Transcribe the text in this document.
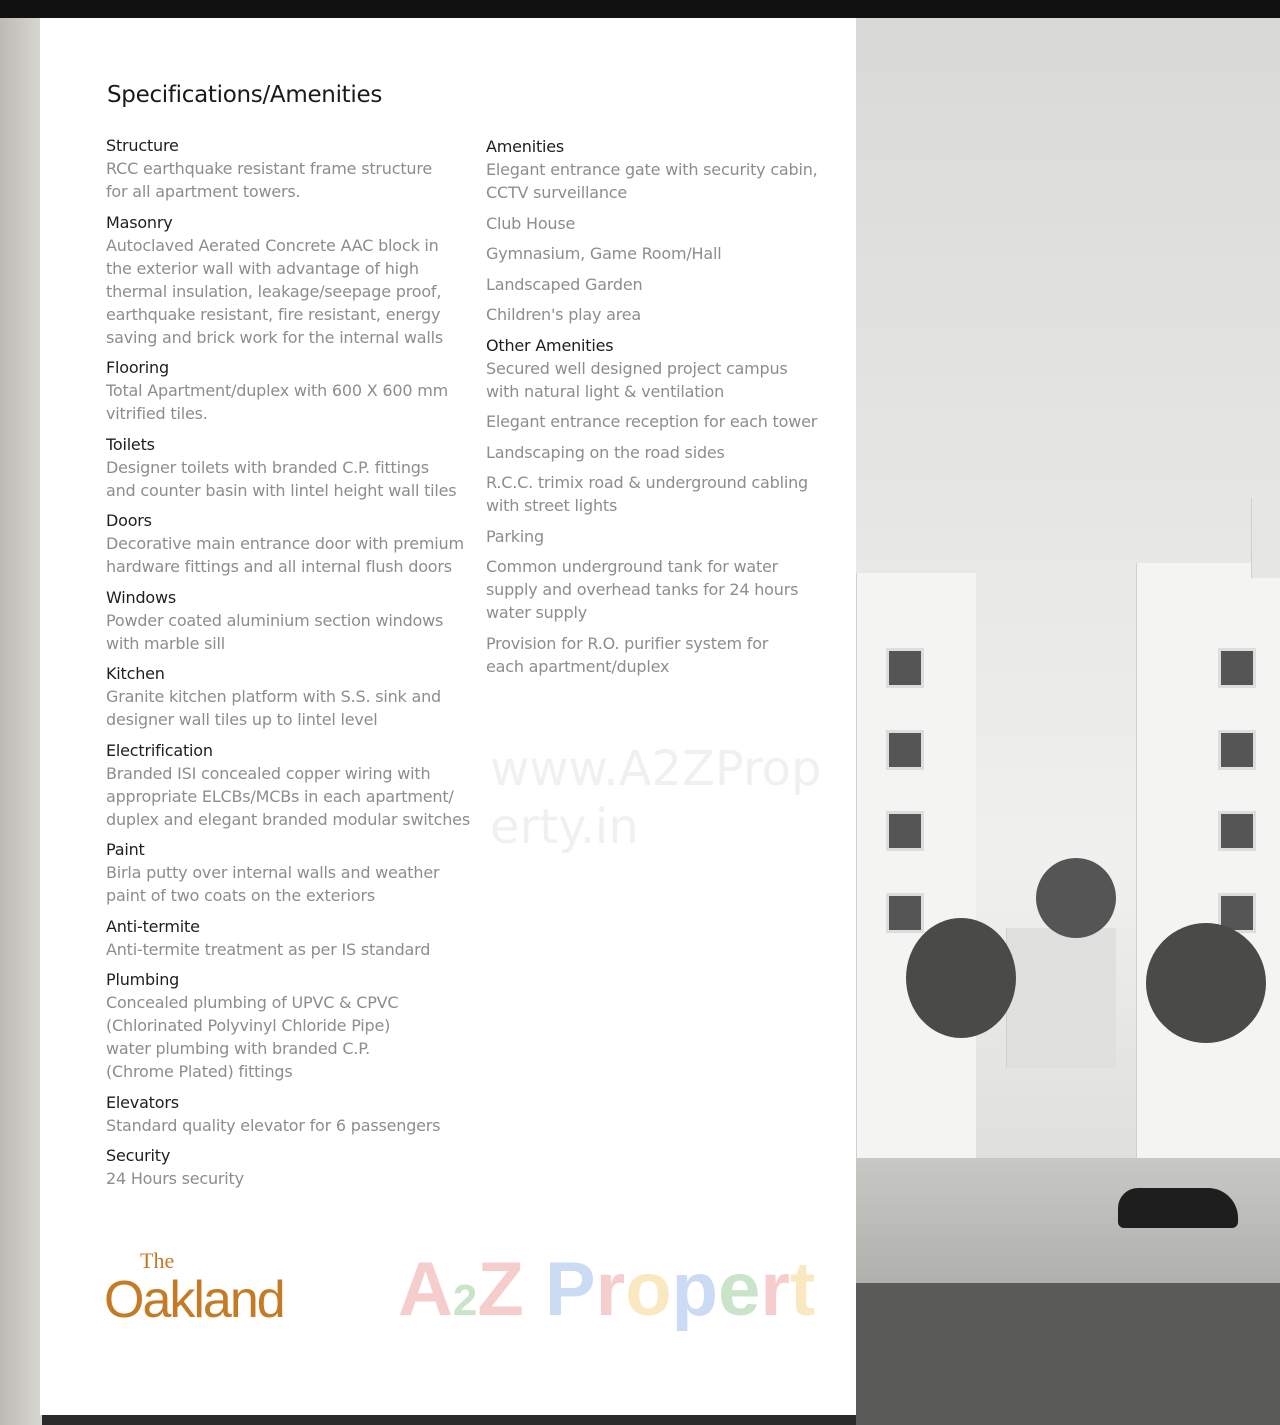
www.A2ZProperty.in
Specifications/Amenities
Structure
RCC earthquake resistant frame structure
for all apartment towers.
Masonry
Autoclaved Aerated Concrete AAC block in
the exterior wall with advantage of high
thermal insulation, leakage/seepage proof,
earthquake resistant, fire resistant, energy
saving and brick work for the internal walls
Flooring
Total Apartment/duplex with 600 X 600 mm
vitrified tiles.
Toilets
Designer toilets with branded C.P. fittings
and counter basin with lintel height wall tiles
Doors
Decorative main entrance door with premium
hardware fittings and all internal flush doors
Windows
Powder coated aluminium section windows
with marble sill
Kitchen
Granite kitchen platform with S.S. sink and
designer wall tiles up to lintel level
Electrification
Branded ISI concealed copper wiring with
appropriate ELCBs/MCBs in each apartment/
duplex and elegant branded modular switches
Paint
Birla putty over internal walls and weather
paint of two coats on the exteriors
Anti-termite
Anti-termite treatment as per IS standard
Plumbing
Concealed plumbing of UPVC & CPVC
(Chlorinated Polyvinyl Chloride Pipe)
water plumbing with branded C.P.
(Chrome Plated) fittings
Elevators
Standard quality elevator for 6 passengers
Security
24 Hours security
Amenities
Elegant entrance gate with security cabin,
CCTV surveillance
Club House
Gymnasium, Game Room/Hall
Landscaped Garden
Children's play area
Other Amenities
Secured well designed project campus
with natural light & ventilation
Elegant entrance reception for each tower
Landscaping on the road sides
R.C.C. trimix road & underground cabling
with street lights
Parking
Common underground tank for water
supply and overhead tanks for 24 hours
water supply
Provision for R.O. purifier system for
each apartment/duplex
The
Oakland A2Z Propert
